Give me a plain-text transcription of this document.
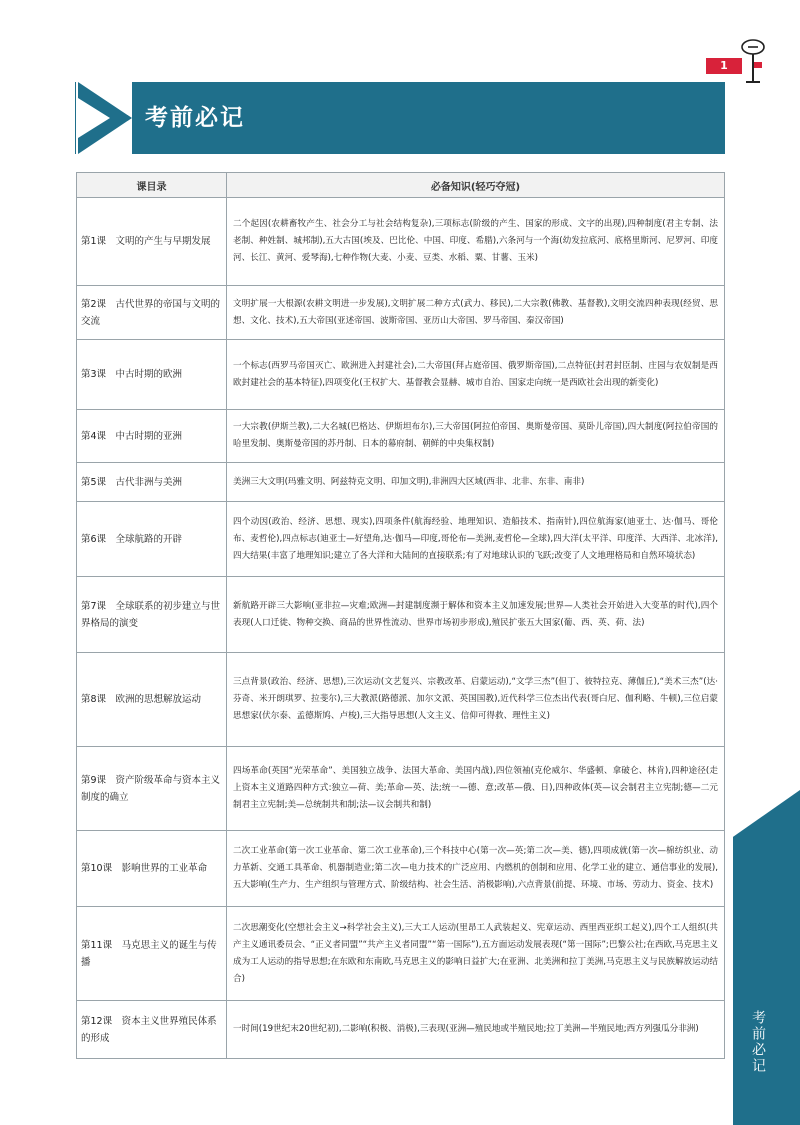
1
考前必记
考前必记
课目录	必备知识(轻巧夺冠)
第1课　文明的产生与早期发展	二个起因(农耕畜牧产生、社会分工与社会结构复杂),三项标志(阶级的产生、国家的形成、文字的出现),四种制度(君主专制、法老制、种姓制、城邦制),五大古国(埃及、巴比伦、中国、印度、希腊),六条河与一个海(幼发拉底河、底格里斯河、尼罗河、印度河、长江、黄河、爱琴海),七种作物(大麦、小麦、豆类、水稻、粟、甘薯、玉米)
第2课　古代世界的帝国与文明的交流	文明扩展一大根源(农耕文明进一步发展),文明扩展二种方式(武力、移民),二大宗教(佛教、基督教),文明交流四种表现(经贸、思想、文化、技术),五大帝国(亚述帝国、波斯帝国、亚历山大帝国、罗马帝国、秦汉帝国)
第3课　中古时期的欧洲	一个标志(西罗马帝国灭亡、欧洲进入封建社会),二大帝国(拜占庭帝国、俄罗斯帝国),二点特征(封君封臣制、庄园与农奴制是西欧封建社会的基本特征),四项变化(王权扩大、基督教会显赫、城市自治、国家走向统一是西欧社会出现的新变化)
第4课　中古时期的亚洲	一大宗教(伊斯兰教),二大名城(巴格达、伊斯坦布尔),三大帝国(阿拉伯帝国、奥斯曼帝国、莫卧儿帝国),四大制度(阿拉伯帝国的哈里发制、奥斯曼帝国的苏丹制、日本的幕府制、朝鲜的中央集权制)
第5课　古代非洲与美洲	美洲三大文明(玛雅文明、阿兹特克文明、印加文明),非洲四大区域(西非、北非、东非、南非)
第6课　全球航路的开辟	四个动因(政治、经济、思想、现实),四项条件(航海经验、地理知识、造船技术、指南针),四位航海家(迪亚士、达·伽马、哥伦布、麦哲伦),四点标志(迪亚士—好望角,达·伽马—印度,哥伦布—美洲,麦哲伦—全球),四大洋(太平洋、印度洋、大西洋、北冰洋),四大结果(丰富了地理知识;建立了各大洋和大陆间的直接联系;有了对地球认识的飞跃;改变了人文地理格局和自然环境状态)
第7课　全球联系的初步建立与世界格局的演变	新航路开辟三大影响(亚非拉—灾难;欧洲—封建制度濒于解体和资本主义加速发展;世界—人类社会开始进入大变革的时代),四个表现(人口迁徙、物种交换、商品的世界性流动、世界市场初步形成),殖民扩张五大国家(葡、西、英、荷、法)
第8课　欧洲的思想解放运动	三点背景(政治、经济、思想),三次运动(文艺复兴、宗教改革、启蒙运动),“文学三杰”(但丁、彼特拉克、薄伽丘),“美术三杰”(达·芬奇、米开朗琪罗、拉斐尔),三大教派(路德派、加尔文派、英国国教),近代科学三位杰出代表(哥白尼、伽利略、牛顿),三位启蒙思想家(伏尔泰、孟德斯鸠、卢梭),三大指导思想(人文主义、信仰可得救、理性主义)
第9课　资产阶级革命与资本主义制度的确立	四场革命(英国“光荣革命”、美国独立战争、法国大革命、美国内战),四位领袖(克伦威尔、华盛顿、拿破仑、林肯),四种途径(走上资本主义道路四种方式:独立—荷、美;革命—英、法;统一—德、意;改革—俄、日),四种政体(英—议会制君主立宪制;德—二元制君主立宪制;美—总统制共和制;法—议会制共和制)
第10课　影响世界的工业革命	二次工业革命(第一次工业革命、第二次工业革命),三个科技中心(第一次—英;第二次—美、德),四项成就(第一次—棉纺织业、动力革新、交通工具革命、机器制造业;第二次—电力技术的广泛应用、内燃机的创制和应用、化学工业的建立、通信事业的发展),五大影响(生产力、生产组织与管理方式、阶级结构、社会生活、消极影响),六点背景(前提、环境、市场、劳动力、资金、技术)
第11课　马克思主义的诞生与传播	二次思潮变化(空想社会主义→科学社会主义),三大工人运动(里昂工人武装起义、宪章运动、西里西亚织工起义),四个工人组织(共产主义通讯委员会、“正义者同盟”“共产主义者同盟”“第一国际”),五方面运动发展表现(“第一国际”;巴黎公社;在西欧,马克思主义成为工人运动的指导思想;在东欧和东南欧,马克思主义的影响日益扩大;在亚洲、北美洲和拉丁美洲,马克思主义与民族解放运动结合)
第12课　资本主义世界殖民体系的形成	一时间(19世纪末20世纪初),二影响(积极、消极),三表现(亚洲—殖民地或半殖民地;拉丁美洲—半殖民地;西方列强瓜分非洲)
